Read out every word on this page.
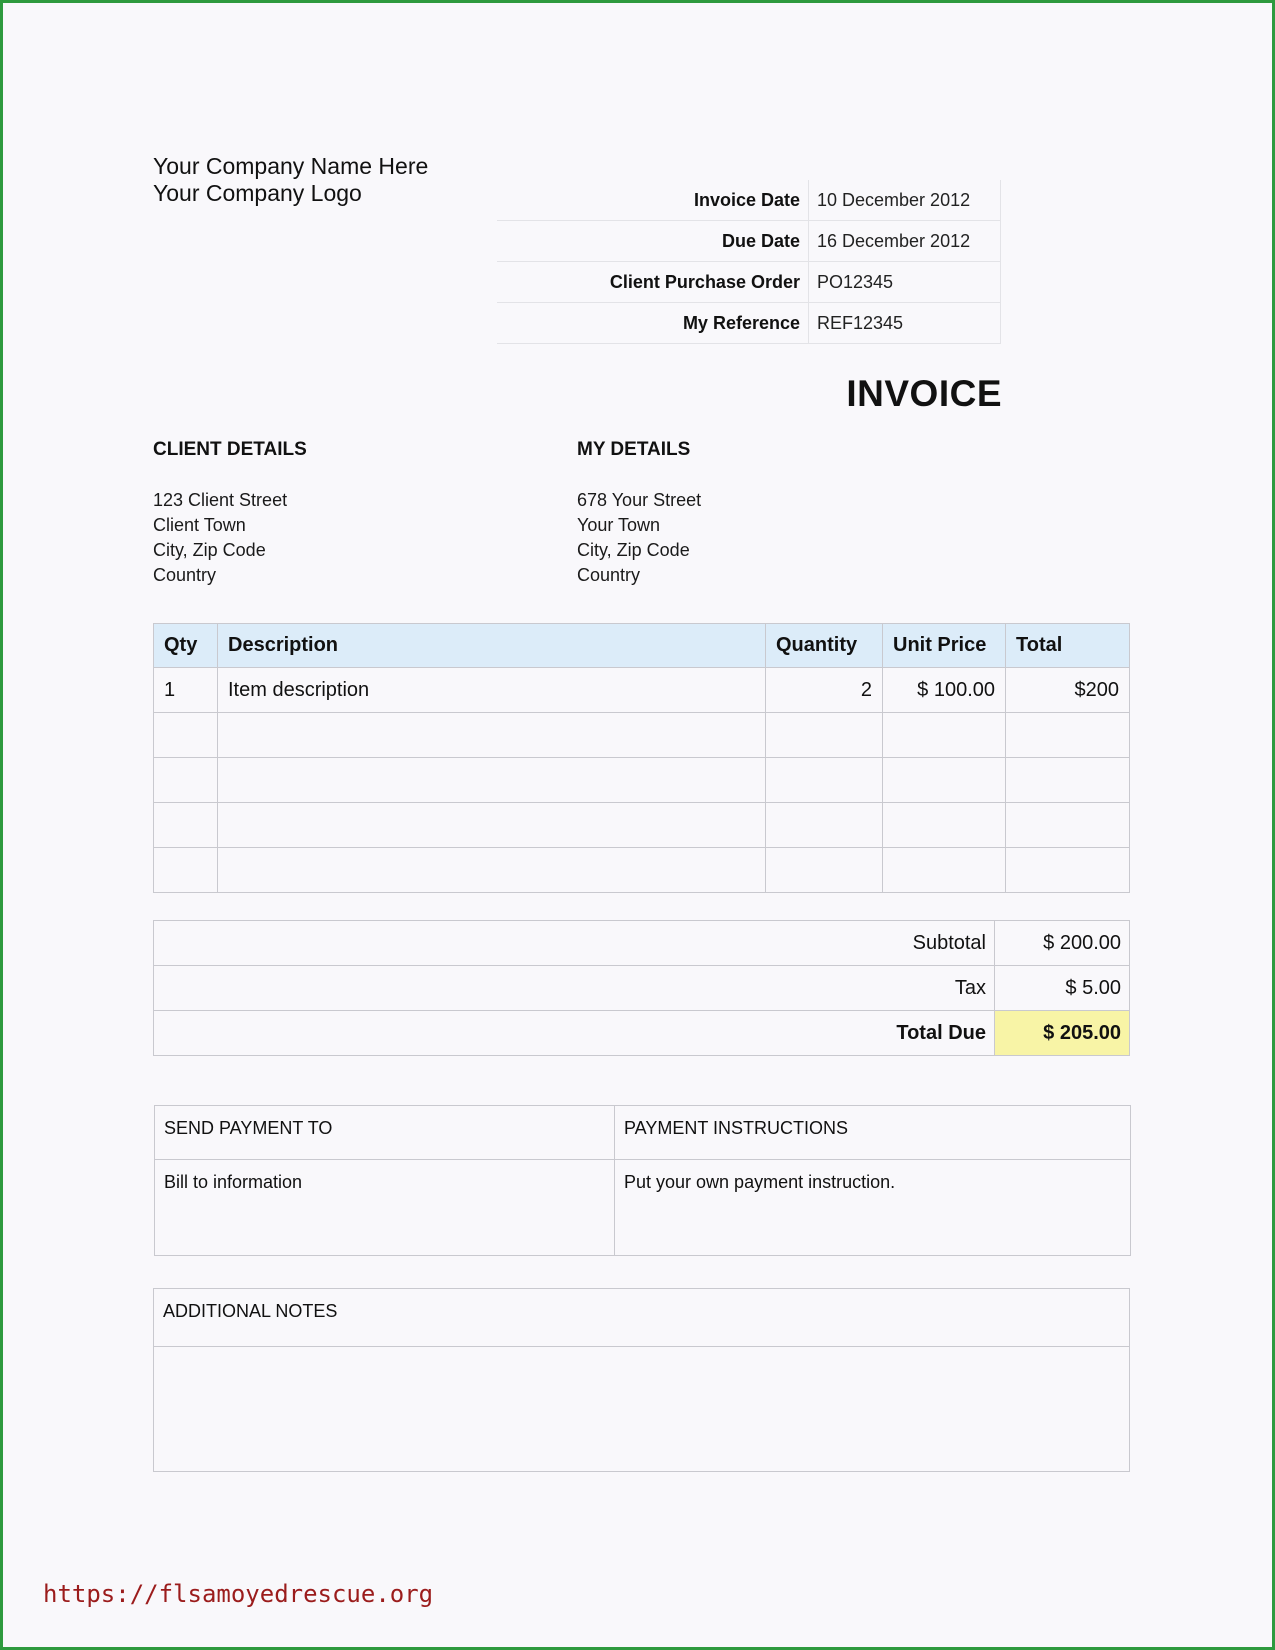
Your Company Name Here
Your Company Logo	Invoice Date	10 December 2012
Due Date	16 December 2012
Client Purchase Order	PO12345
My Reference	REF12345
INVOICE
CLIENT DETAILS
123 Client Street
Client Town
City, Zip Code
Country
MY DETAILS
678 Your Street
Your Town
City, Zip Code
Country
Qty	Description	Quantity	Unit Price	Total
1	Item description	2	$ 100.00	$200

Subtotal	$ 200.00
Tax	$ 5.00
Total Due	$ 205.00
SEND PAYMENT TO	PAYMENT INSTRUCTIONS
Bill to information	Put your own payment instruction.
ADDITIONAL NOTES
https://flsamoyedrescue.org
